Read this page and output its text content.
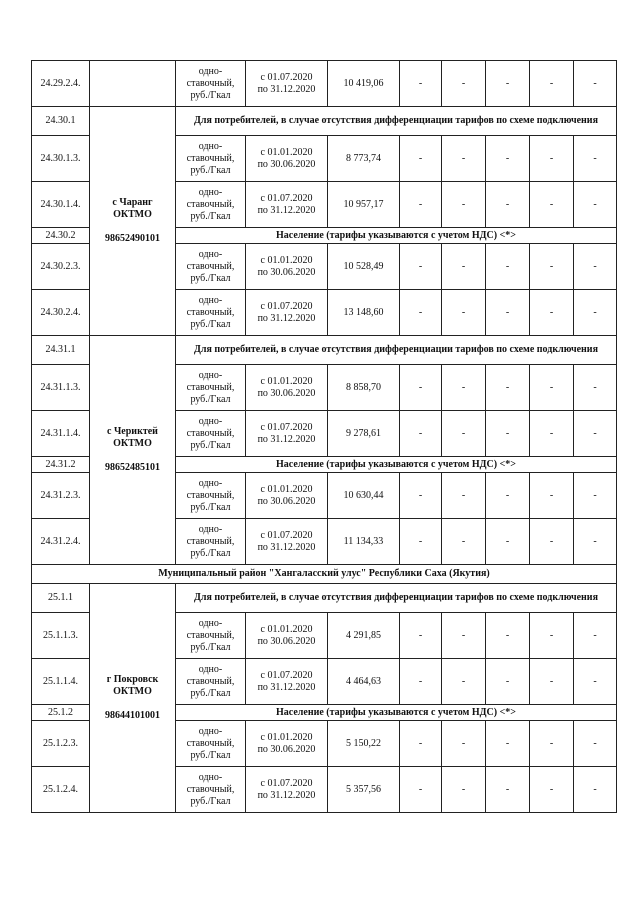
24.29.2.4.		одно-
ставочный,
руб./Гкал	с 01.07.2020
по 31.12.2020	10 419,06	-	-	-	-	-
24.30.1	с Чаранг
ОКТМО

98652490101	Для потребителей, в случае отсутствия дифференциации тарифов по схеме подключения							
24.30.1.3.		одно-
ставочный,
руб./Гкал	с 01.01.2020
по 30.06.2020	8 773,74	-	-	-	-	-
24.30.1.4.		одно-
ставочный,
руб./Гкал	с 01.07.2020
по 31.12.2020	10 957,17	-	-	-	-	-
24.30.2		Население (тарифы указываются с учетом НДС) <*>							
24.30.2.3.		одно-
ставочный,
руб./Гкал	с 01.01.2020
по 30.06.2020	10 528,49	-	-	-	-	-
24.30.2.4.		одно-
ставочный,
руб./Гкал	с 01.07.2020
по 31.12.2020	13 148,60	-	-	-	-	-
24.31.1	с Чериктей
ОКТМО

98652485101	Для потребителей, в случае отсутствия дифференциации тарифов по схеме подключения							
24.31.1.3.		одно-
ставочный,
руб./Гкал	с 01.01.2020
по 30.06.2020	8 858,70	-	-	-	-	-
24.31.1.4.		одно-
ставочный,
руб./Гкал	с 01.07.2020
по 31.12.2020	9 278,61	-	-	-	-	-
24.31.2		Население (тарифы указываются с учетом НДС) <*>							
24.31.2.3.		одно-
ставочный,
руб./Гкал	с 01.01.2020
по 30.06.2020	10 630,44	-	-	-	-	-
24.31.2.4.		одно-
ставочный,
руб./Гкал	с 01.07.2020
по 31.12.2020	11 134,33	-	-	-	-	-
Муниципальный район "Хангаласский улус" Республики Саха (Якутия)									
25.1.1	г Покровск
ОКТМО

98644101001	Для потребителей, в случае отсутствия дифференциации тарифов по схеме подключения							
25.1.1.3.		одно-
ставочный,
руб./Гкал	с 01.01.2020
по 30.06.2020	4 291,85	-	-	-	-	-
25.1.1.4.		одно-
ставочный,
руб./Гкал	с 01.07.2020
по 31.12.2020	4 464,63	-	-	-	-	-
25.1.2		Население (тарифы указываются с учетом НДС) <*>							
25.1.2.3.		одно-
ставочный,
руб./Гкал	с 01.01.2020
по 30.06.2020	5 150,22	-	-	-	-	-
25.1.2.4.		одно-
ставочный,
руб./Гкал	с 01.07.2020
по 31.12.2020	5 357,56	-	-	-	-	-
